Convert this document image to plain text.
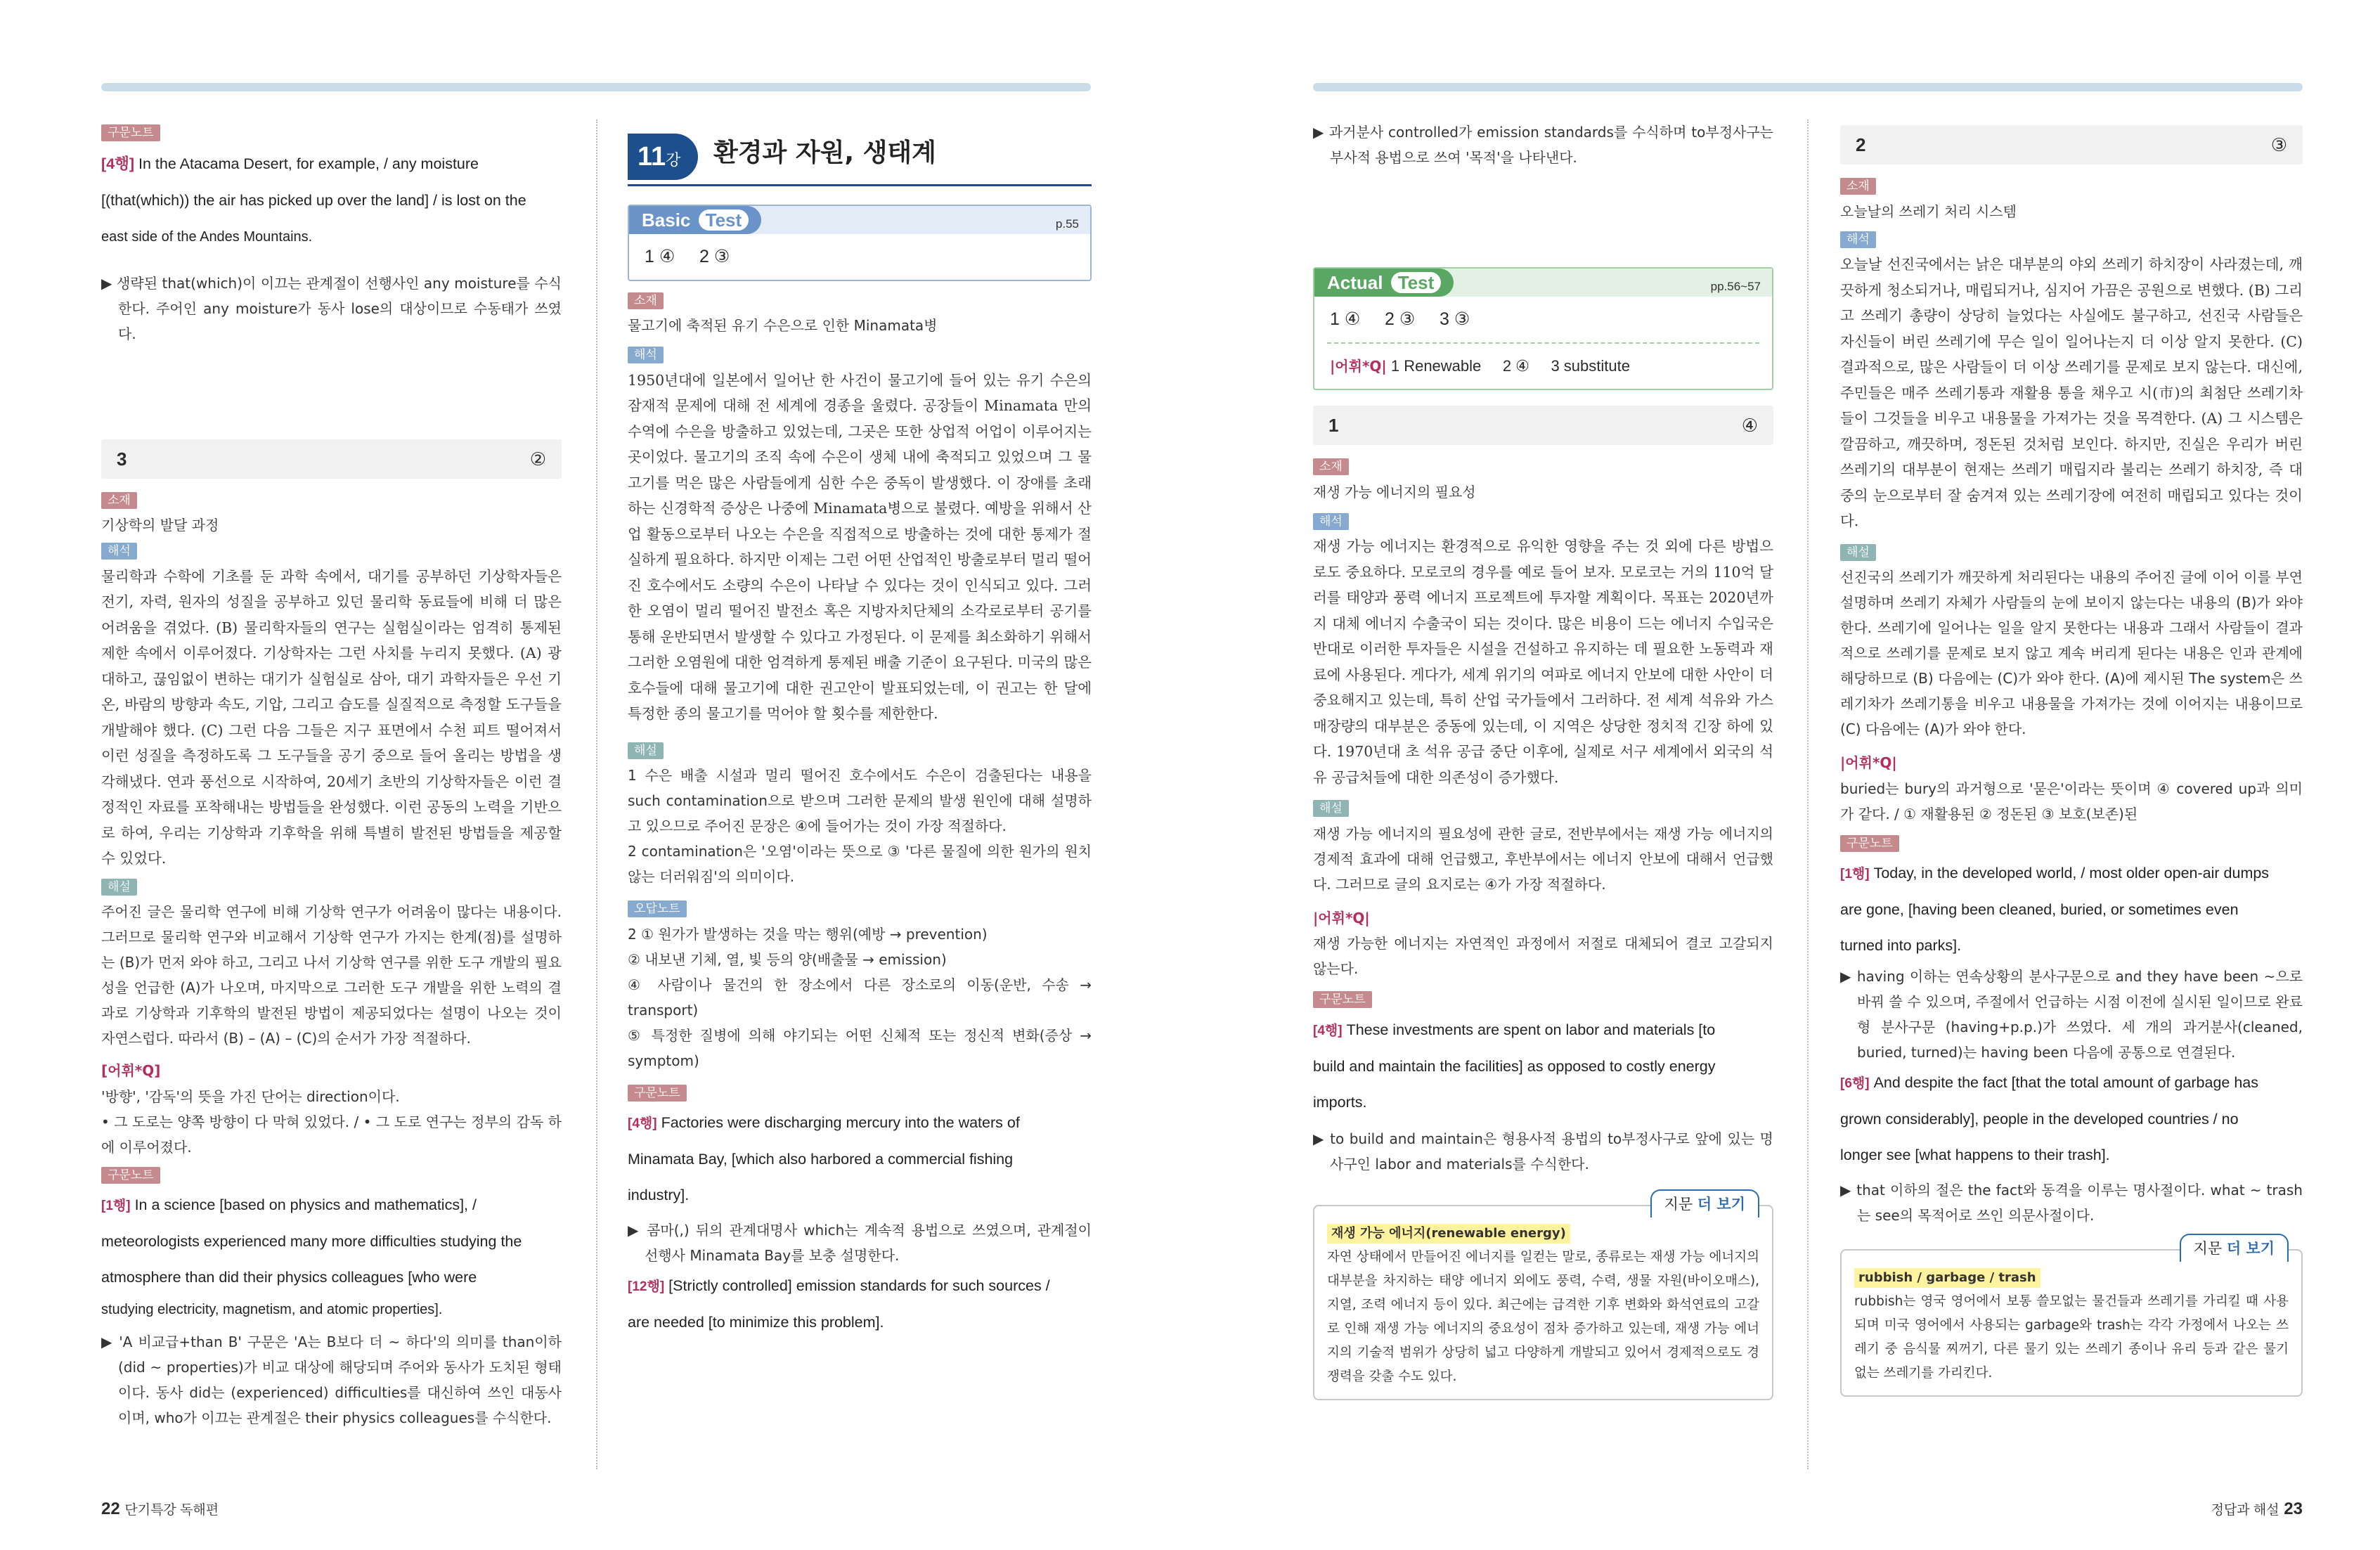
구문노트
[4행] In the Atacama Desert, for example, / any moisture
[(that(which)) the air has picked up over the land] / is lost on the
east side of the Andes Mountains.
▶ 생략된 that(which)이 이끄는 관계절이 선행사인 any moisture를 수식한다. 주어인 any moisture가 동사 lose의 대상이므로 수동태가 쓰였다.
3	②
소재
기상학의 발달 과정
해석
물리학과 수학에 기초를 둔 과학 속에서, 대기를 공부하던 기상학자들은 전기, 자력, 원자의 성질을 공부하고 있던 물리학 동료들에 비해 더 많은 어려움을 겪었다. (B) 물리학자들의 연구는 실험실이라는 엄격히 통제된 제한 속에서 이루어졌다. 기상학자는 그런 사치를 누리지 못했다. (A) 광대하고, 끊임없이 변하는 대기가 실험실로 삼아, 대기 과학자들은 우선 기온, 바람의 방향과 속도, 기압, 그리고 습도를 실질적으로 측정할 도구들을 개발해야 했다. (C) 그런 다음 그들은 지구 표면에서 수천 피트 떨어져서 이런 성질을 측정하도록 그 도구들을 공기 중으로 들어 올리는 방법을 생각해냈다. 연과 풍선으로 시작하여, 20세기 초반의 기상학자들은 이런 결정적인 자료를 포착해내는 방법들을 완성했다. 이런 공동의 노력을 기반으로 하여, 우리는 기상학과 기후학을 위해 특별히 발전된 방법들을 제공할 수 있었다.
해설
주어진 글은 물리학 연구에 비해 기상학 연구가 어려움이 많다는 내용이다. 그러므로 물리학 연구와 비교해서 기상학 연구가 가지는 한계(점)를 설명하는 (B)가 먼저 와야 하고, 그리고 나서 기상학 연구를 위한 도구 개발의 필요성을 언급한 (A)가 나오며, 마지막으로 그러한 도구 개발을 위한 노력의 결과로 기상학과 기후학의 발전된 방법이 제공되었다는 설명이 나오는 것이 자연스럽다. 따라서 (B) – (A) – (C)의 순서가 가장 적절하다.
[어휘*Q]
'방향', '감독'의 뜻을 가진 단어는 direction이다.
• 그 도로는 양쪽 방향이 다 막혀 있었다. / • 그 도로 연구는 정부의 감독 하에 이루어졌다.
구문노트
[1행] In a science [based on physics and mathematics], /
meteorologists experienced many more difficulties studying the
atmosphere than did their physics colleagues [who were
studying electricity, magnetism, and atomic properties].
▶ 'A 비교급+than B' 구문은 'A는 B보다 더 ~ 하다'의 의미를 than이하(did ~ properties)가 비교 대상에 해당되며 주어와 동사가 도치된 형태이다. 동사 did는 (experienced) difficulties를 대신하여 쓰인 대동사이며, who가 이끄는 관계절은 their physics colleagues를 수식한다.
11강	환경과 자원, 생태계
Basic Test	p.55
1 ④     2 ③
소재
물고기에 축적된 유기 수은으로 인한 Minamata병
해석
1950년대에 일본에서 일어난 한 사건이 물고기에 들어 있는 유기 수은의 잠재적 문제에 대해 전 세계에 경종을 울렸다. 공장들이 Minamata 만의 수역에 수은을 방출하고 있었는데, 그곳은 또한 상업적 어업이 이루어지는 곳이었다. 물고기의 조직 속에 수은이 생체 내에 축적되고 있었으며 그 물고기를 먹은 많은 사람들에게 심한 수은 중독이 발생했다. 이 장애를 초래하는 신경학적 증상은 나중에 Minamata병으로 불렸다. 예방을 위해서 산업 활동으로부터 나오는 수은을 직접적으로 방출하는 것에 대한 통제가 절실하게 필요하다. 하지만 이제는 그런 어떤 산업적인 방출로부터 멀리 떨어진 호수에서도 소량의 수은이 나타날 수 있다는 것이 인식되고 있다. 그러한 오염이 멀리 떨어진 발전소 혹은 지방자치단체의 소각로로부터 공기를 통해 운반되면서 발생할 수 있다고 가정된다. 이 문제를 최소화하기 위해서 그러한 오염원에 대한 엄격하게 통제된 배출 기준이 요구된다. 미국의 많은 호수들에 대해 물고기에 대한 권고안이 발표되었는데, 이 권고는 한 달에 특정한 종의 물고기를 먹어야 할 횟수를 제한한다.
해설
1 수은 배출 시설과 멀리 떨어진 호수에서도 수은이 검출된다는 내용을 such contamination으로 받으며 그러한 문제의 발생 원인에 대해 설명하고 있으므로 주어진 문장은 ④에 들어가는 것이 가장 적절하다.
2 contamination은 '오염'이라는 뜻으로 ③ '다른 물질에 의한 원가의 원치 않는 더러워짐'의 의미이다.
오답노트
2 ① 원가가 발생하는 것을 막는 행위(예방 → prevention)
② 내보낸 기체, 열, 빛 등의 양(배출물 → emission)
④ 사람이나 물건의 한 장소에서 다른 장소로의 이동(운반, 수송 → transport)
⑤ 특정한 질병에 의해 야기되는 어떤 신체적 또는 정신적 변화(증상 → symptom)
구문노트
[4행] Factories were discharging mercury into the waters of
Minamata Bay, [which also harbored a commercial fishing
industry].
▶ 콤마(,) 뒤의 관계대명사 which는 계속적 용법으로 쓰였으며, 관계절이 선행사 Minamata Bay를 보충 설명한다.
[12행] [Strictly controlled] emission standards for such sources /
are needed [to minimize this problem].
22 단기특강 독해편
▶ 과거분사 controlled가 emission standards를 수식하며 to부정사구는 부사적 용법으로 쓰여 '목적'을 나타낸다.
Actual Test	pp.56~57
1 ④     2 ③     3 ③
|어휘*Q| 1 Renewable     2 ④     3 substitute
1	④
소재
재생 가능 에너지의 필요성
해석
재생 가능 에너지는 환경적으로 유익한 영향을 주는 것 외에 다른 방법으로도 중요하다. 모로코의 경우를 예로 들어 보자. 모로코는 거의 110억 달러를 태양과 풍력 에너지 프로젝트에 투자할 계획이다. 목표는 2020년까지 대체 에너지 수출국이 되는 것이다. 많은 비용이 드는 에너지 수입국은 반대로 이러한 투자들은 시설을 건설하고 유지하는 데 필요한 노동력과 재료에 사용된다. 게다가, 세계 위기의 여파로 에너지 안보에 대한 사안이 더 중요해지고 있는데, 특히 산업 국가들에서 그러하다. 전 세계 석유와 가스 매장량의 대부분은 중동에 있는데, 이 지역은 상당한 정치적 긴장 하에 있다. 1970년대 초 석유 공급 중단 이후에, 실제로 서구 세계에서 외국의 석유 공급처들에 대한 의존성이 증가했다.
해설
재생 가능 에너지의 필요성에 관한 글로, 전반부에서는 재생 가능 에너지의 경제적 효과에 대해 언급했고, 후반부에서는 에너지 안보에 대해서 언급했다. 그러므로 글의 요지로는 ④가 가장 적절하다.
|어휘*Q|
재생 가능한 에너지는 자연적인 과정에서 저절로 대체되어 결코 고갈되지 않는다.
구문노트
[4행] These investments are spent on labor and materials [to
build and maintain the facilities] as opposed to costly energy
imports.
▶ to build and maintain은 형용사적 용법의 to부정사구로 앞에 있는 명사구인 labor and materials를 수식한다.
지문 더 보기
재생 가능 에너지(renewable energy)
자연 상태에서 만들어진 에너지를 일컫는 말로, 종류로는 재생 가능 에너지의 대부분을 차지하는 태양 에너지 외에도 풍력, 수력, 생물 자원(바이오매스), 지열, 조력 에너지 등이 있다. 최근에는 급격한 기후 변화와 화석연료의 고갈로 인해 재생 가능 에너지의 중요성이 점차 증가하고 있는데, 재생 가능 에너지의 기술적 범위가 상당히 넓고 다양하게 개발되고 있어서 경제적으로도 경쟁력을 갖출 수도 있다.
2	③
소재
오늘날의 쓰레기 처리 시스템
해석
오늘날 선진국에서는 낡은 대부분의 야외 쓰레기 하치장이 사라졌는데, 깨끗하게 청소되거나, 매립되거나, 심지어 가끔은 공원으로 변했다. (B) 그리고 쓰레기 총량이 상당히 늘었다는 사실에도 불구하고, 선진국 사람들은 자신들이 버린 쓰레기에 무슨 일이 일어나는지 더 이상 알지 못한다. (C) 결과적으로, 많은 사람들이 더 이상 쓰레기를 문제로 보지 않는다. 대신에, 주민들은 매주 쓰레기통과 재활용 통을 채우고 시(市)의 최첨단 쓰레기차들이 그것들을 비우고 내용물을 가져가는 것을 목격한다. (A) 그 시스템은 깔끔하고, 깨끗하며, 정돈된 것처럼 보인다. 하지만, 진실은 우리가 버린 쓰레기의 대부분이 현재는 쓰레기 매립지라 불리는 쓰레기 하치장, 즉 대중의 눈으로부터 잘 숨겨져 있는 쓰레기장에 여전히 매립되고 있다는 것이다.
해설
선진국의 쓰레기가 깨끗하게 처리된다는 내용의 주어진 글에 이어 이를 부연 설명하며 쓰레기 자체가 사람들의 눈에 보이지 않는다는 내용의 (B)가 와야 한다. 쓰레기에 일어나는 일을 알지 못한다는 내용과 그래서 사람들이 결과적으로 쓰레기를 문제로 보지 않고 계속 버리게 된다는 내용은 인과 관계에 해당하므로 (B) 다음에는 (C)가 와야 한다. (A)에 제시된 The system은 쓰레기차가 쓰레기통을 비우고 내용물을 가져가는 것에 이어지는 내용이므로 (C) 다음에는 (A)가 와야 한다.
|어휘*Q|
buried는 bury의 과거형으로 '묻은'이라는 뜻이며 ④ covered up과 의미가 같다. / ① 재활용된 ② 정돈된 ③ 보호(보존)된
구문노트
[1행] Today, in the developed world, / most older open-air dumps
are gone, [having been cleaned, buried, or sometimes even
turned into parks].
▶ having 이하는 연속상황의 분사구문으로 and they have been ~으로 바꿔 쓸 수 있으며, 주절에서 언급하는 시점 이전에 실시된 일이므로 완료형 분사구문 (having+p.p.)가 쓰였다. 세 개의 과거분사(cleaned, buried, turned)는 having been 다음에 공통으로 연결된다.
[6행] And despite the fact [that the total amount of garbage has
grown considerably], people in the developed countries / no
longer see [what happens to their trash].
▶ that 이하의 절은 the fact와 동격을 이루는 명사절이다. what ~ trash는 see의 목적어로 쓰인 의문사절이다.
지문 더 보기
rubbish / garbage / trash
rubbish는 영국 영어에서 보통 쓸모없는 물건들과 쓰레기를 가리킬 때 사용되며 미국 영어에서 사용되는 garbage와 trash는 각각 가정에서 나오는 쓰레기 중 음식물 찌꺼기, 다른 물기 있는 쓰레기 종이나 유리 등과 같은 물기 없는 쓰레기를 가리킨다.
정답과 해설 23
